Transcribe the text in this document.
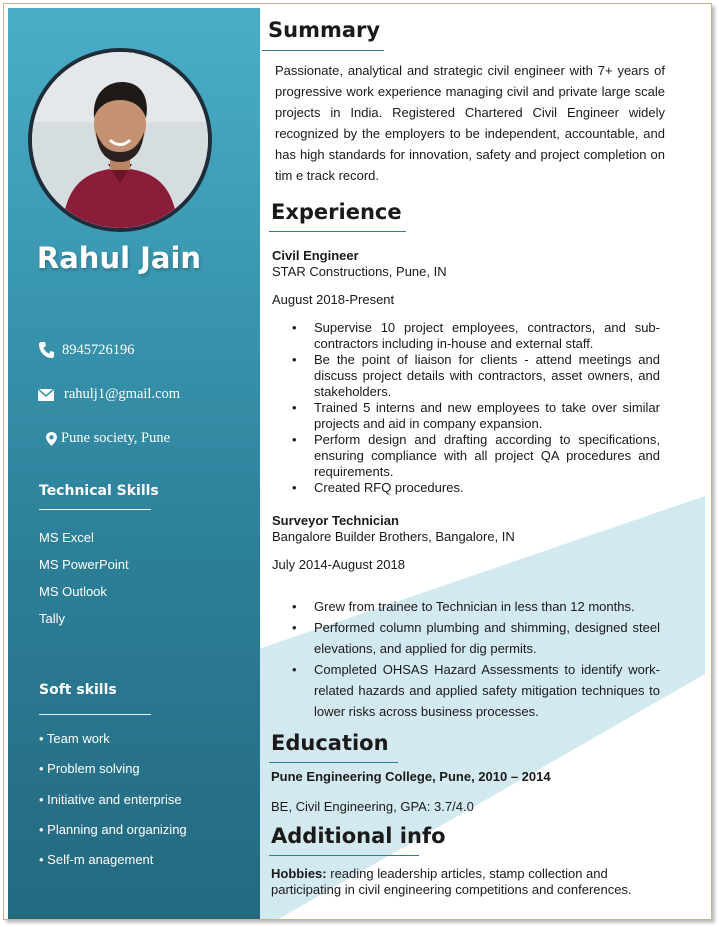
Rahul Jain
8945726196
rahulj1@gmail.com
Pune society, Pune
Technical Skills
MS Excel
MS PowerPoint
MS Outlook
Tally
Soft skills
• Team work
• Problem solving
• Initiative and enterprise
• Planning and organizing
• Self-m anagement
Summary
Passionate, analytical and strategic civil engineer with 7+ years of progressive work experience managing civil and private large scale projects in India. Registered Chartered Civil Engineer widely recognized by the employers to be independent, accountable, and has high standards for innovation, safety and project completion on tim e track record.
Experience
Civil Engineer
STAR Constructions, Pune, IN
August 2018-Present
• Supervise 10 project employees, contractors, and sub-contractors including in-house and external staff.
• Be the point of liaison for clients - attend meetings and discuss project details with contractors, asset owners, and stakeholders.
• Trained 5 interns and new employees to take over similar projects and aid in company expansion.
• Perform design and drafting according to specifications, ensuring compliance with all project QA procedures and requirements.
• Created RFQ procedures.
Surveyor Technician
Bangalore Builder Brothers, Bangalore, IN
July 2014-August 2018
• Grew from trainee to Technician in less than 12 months.
• Performed column plumbing and shimming, designed steel elevations, and applied for dig permits.
• Completed OHSAS Hazard Assessments to identify work-related hazards and applied safety mitigation techniques to lower risks across business processes.
Education
Pune Engineering College, Pune, 2010 – 2014
BE, Civil Engineering, GPA: 3.7/4.0
Additional info
Hobbies: reading leadership articles, stamp collection and participating in civil engineering competitions and conferences.
